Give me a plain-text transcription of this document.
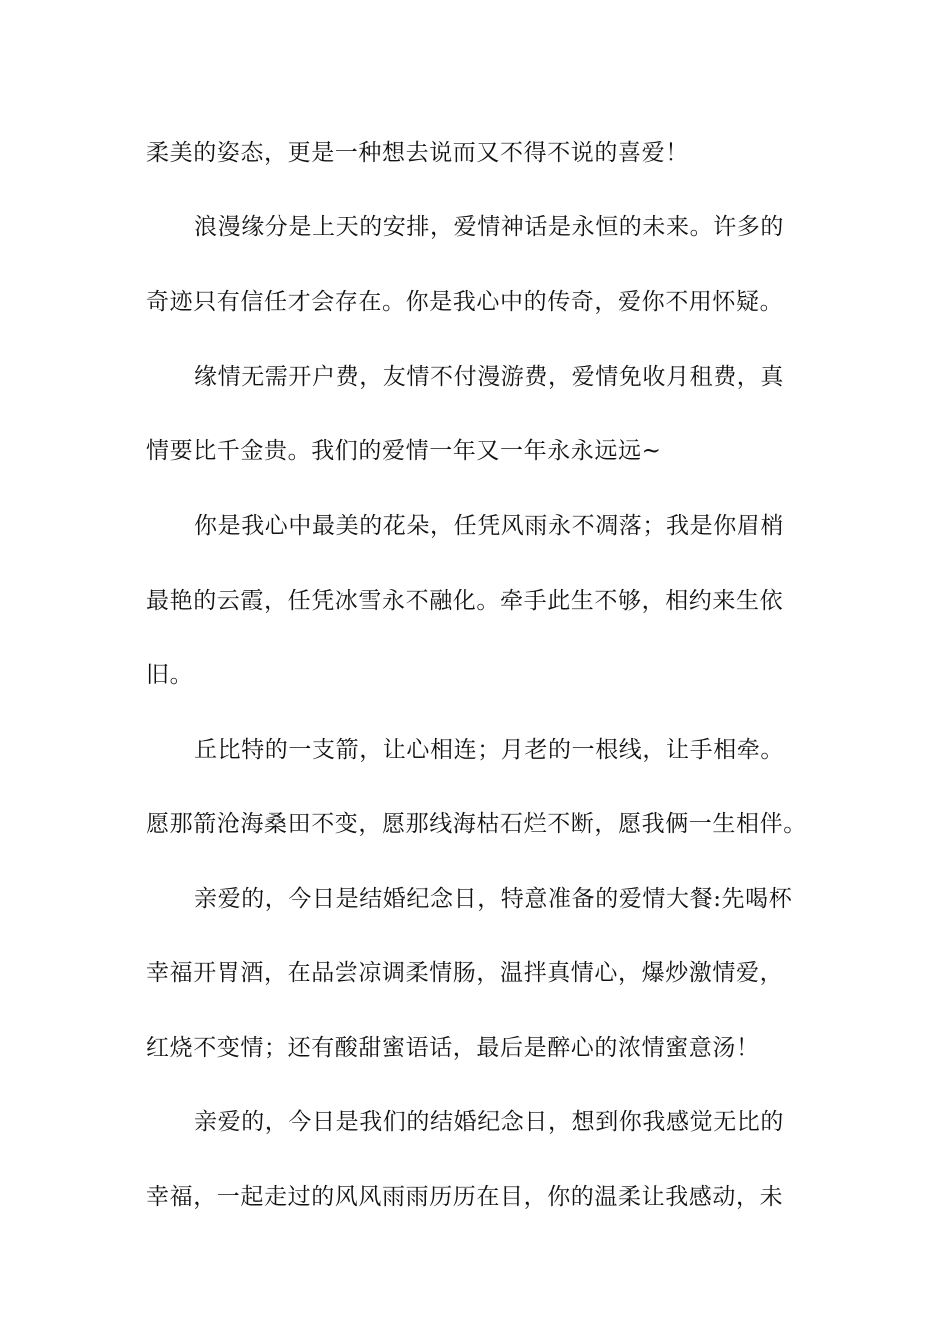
柔美的姿态，更是一种想去说而又不得不说的喜爱！
浪漫缘分是上天的安排，爱情神话是永恒的未来。许多的
奇迹只有信任才会存在。你是我心中的传奇，爱你不用怀疑。
缘情无需开户费，友情不付漫游费，爱情免收月租费，真
情要比千金贵。我们的爱情一年又一年永永远远~
你是我心中最美的花朵，任凭风雨永不凋落；我是你眉梢
最艳的云霞，任凭冰雪永不融化。牵手此生不够，相约来生依
旧。
丘比特的一支箭，让心相连；月老的一根线，让手相牵。
愿那箭沧海桑田不变，愿那线海枯石烂不断，愿我俩一生相伴。
亲爱的，今日是结婚纪念日，特意准备的爱情大餐:先喝杯
幸福开胃酒，在品尝凉调柔情肠，温拌真情心，爆炒激情爱，
红烧不变情；还有酸甜蜜语话，最后是醉心的浓情蜜意汤！
亲爱的，今日是我们的结婚纪念日，想到你我感觉无比的
幸福，一起走过的风风雨雨历历在目，你的温柔让我感动，未
